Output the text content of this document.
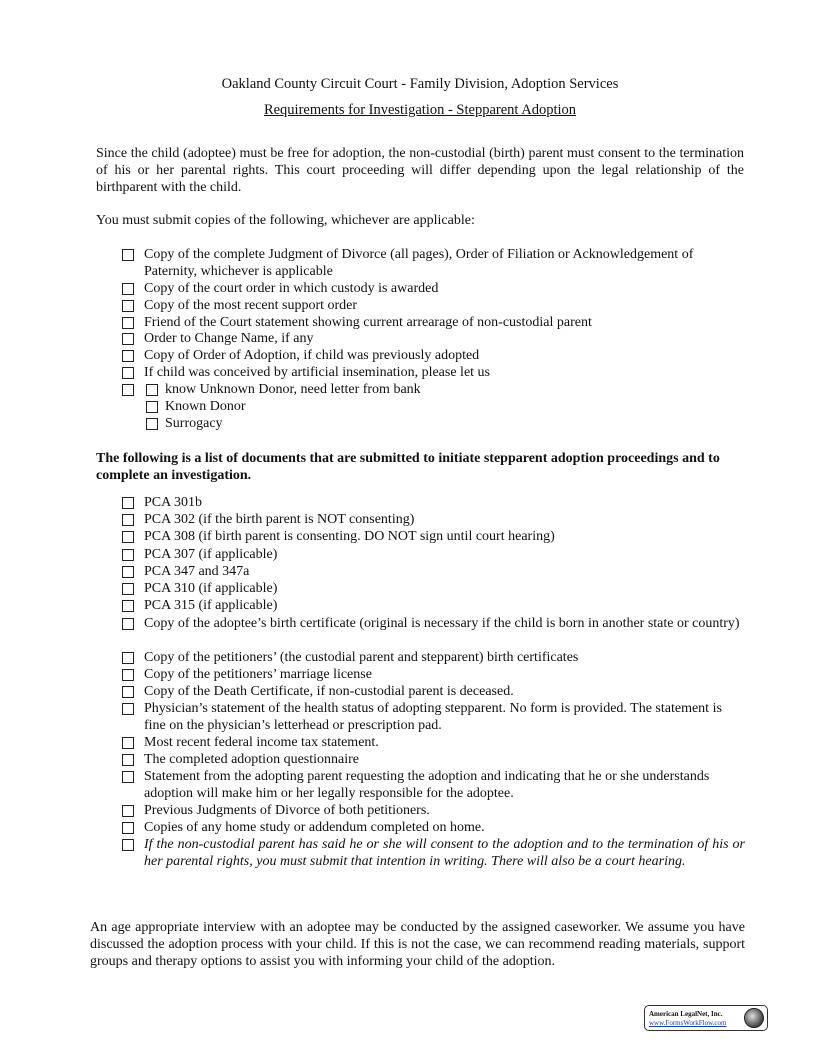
Oakland County Circuit Court - Family Division, Adoption Services
Requirements for Investigation - Stepparent Adoption
Since the child (adoptee) must be free for adoption, the non-custodial (birth) parent must consent to the termination of his or her parental rights. This court proceeding will differ depending upon the legal relationship of the birthparent with the child.
You must submit copies of the following, whichever are applicable:
Copy of the complete Judgment of Divorce (all pages), Order of Filiation or Acknowledgement of Paternity, whichever is applicable
Copy of the court order in which custody is awarded
Copy of the most recent support order
Friend of the Court statement showing current arrearage of non-custodial parent
Order to Change Name, if any
Copy of Order of Adoption, if child was previously adopted
If child was conceived by artificial insemination, please let us
know Unknown Donor, need letter from bank
Known Donor
Surrogacy
The following is a list of documents that are submitted to initiate stepparent adoption proceedings and to complete an investigation.
PCA 301b
PCA 302 (if the birth parent is NOT consenting)
PCA 308 (if birth parent is consenting. DO NOT sign until court hearing)
PCA 307 (if applicable)
PCA 347 and 347a
PCA 310 (if applicable)
PCA 315 (if applicable)
Copy of the adoptee’s birth certificate (original is necessary if the child is born in another state or country)
Copy of the petitioners’ (the custodial parent and stepparent) birth certificates
Copy of the petitioners’ marriage license
Copy of the Death Certificate, if non-custodial parent is deceased.
Physician’s statement of the health status of adopting stepparent. No form is provided. The statement is fine on the physician’s letterhead or prescription pad.
Most recent federal income tax statement.
The completed adoption questionnaire
Statement from the adopting parent requesting the adoption and indicating that he or she understands adoption will make him or her legally responsible for the adoptee.
Previous Judgments of Divorce of both petitioners.
Copies of any home study or addendum completed on home.
If the non-custodial parent has said he or she will consent to the adoption and to the termination of his or her parental rights, you must submit that intention in writing. There will also be a court hearing.
An age appropriate interview with an adoptee may be conducted by the assigned caseworker. We assume you have discussed the adoption process with your child. If this is not the case, we can recommend reading materials, support groups and therapy options to assist you with informing your child of the adoption.
American LegalNet, Inc.
www.FormsWorkFlow.com
